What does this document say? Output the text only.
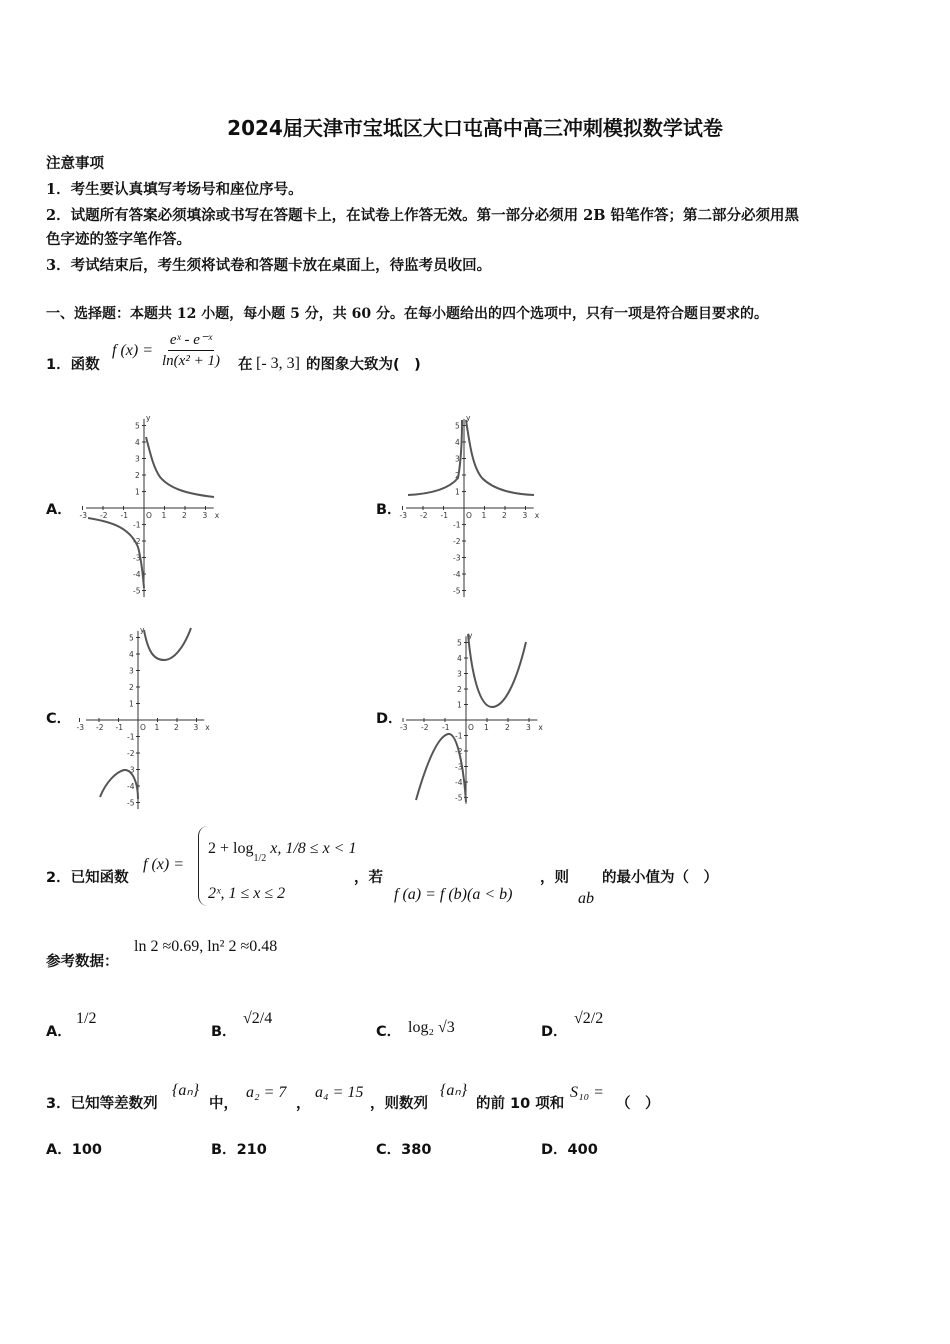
2024届天津市宝坻区大口屯高中高三冲刺模拟数学试卷
注意事项
1．考生要认真填写考场号和座位序号。
2．试题所有答案必须填涂或书写在答题卡上，在试卷上作答无效。第一部分必须用 2B 铅笔作答；第二部分必须用黑
色字迹的签字笔作答。
3．考试结束后，考生须将试卷和答题卡放在桌面上，待监考员收回。
一、选择题：本题共 12 小题，每小题 5 分，共 60 分。在每小题给出的四个选项中，只有一项是符合题目要求的。
1．函数
f $(x) = \frac{\text{eˣ - e⁻ˣ}}{\text{ln(x² + 1)}}$ 在 [- 3, 3] 的图象大致为(　)
A．	B．
C．	D．
-3 -2 -1 O 1 2 3 x
y
1
-1
2
-2
3
-3
4
-4
5
-5
-3 -2 -1 O 1 2 3 x
y
1
-1
2
-2
3
-3
4
-4
5
-5
-3 -2 -1 O 1 2 3 x
y
1
-1
2
-2
3
-3
4
-4
5
-5
-3 -2 -1 O 1 2 3 x
y
1
-1
2
-2
3
-3
4
-4
5
-5
2．已知函数
f (x) =
$2 + \log_{1/2} x$, 1/8 ≤ x < 1
2ˣ, 1 ≤ x ≤ 2
，若
f (a) = f (b)(a < b)
，则
ab
的最小值为（　）
参考数据：
ln 2 ≈0.69, ln² 2 ≈0.48
A．
1/2
B．
√2/4
C． log₂ √3	D．
√2/2
3．已知等差数列
{aₙ}
中，
a₂ = 7
，
a₄ = 15
，则数列
{aₙ}
的前 10 项和
S₁₀ =
（　）
A．100	B．210	C．380	D．400
